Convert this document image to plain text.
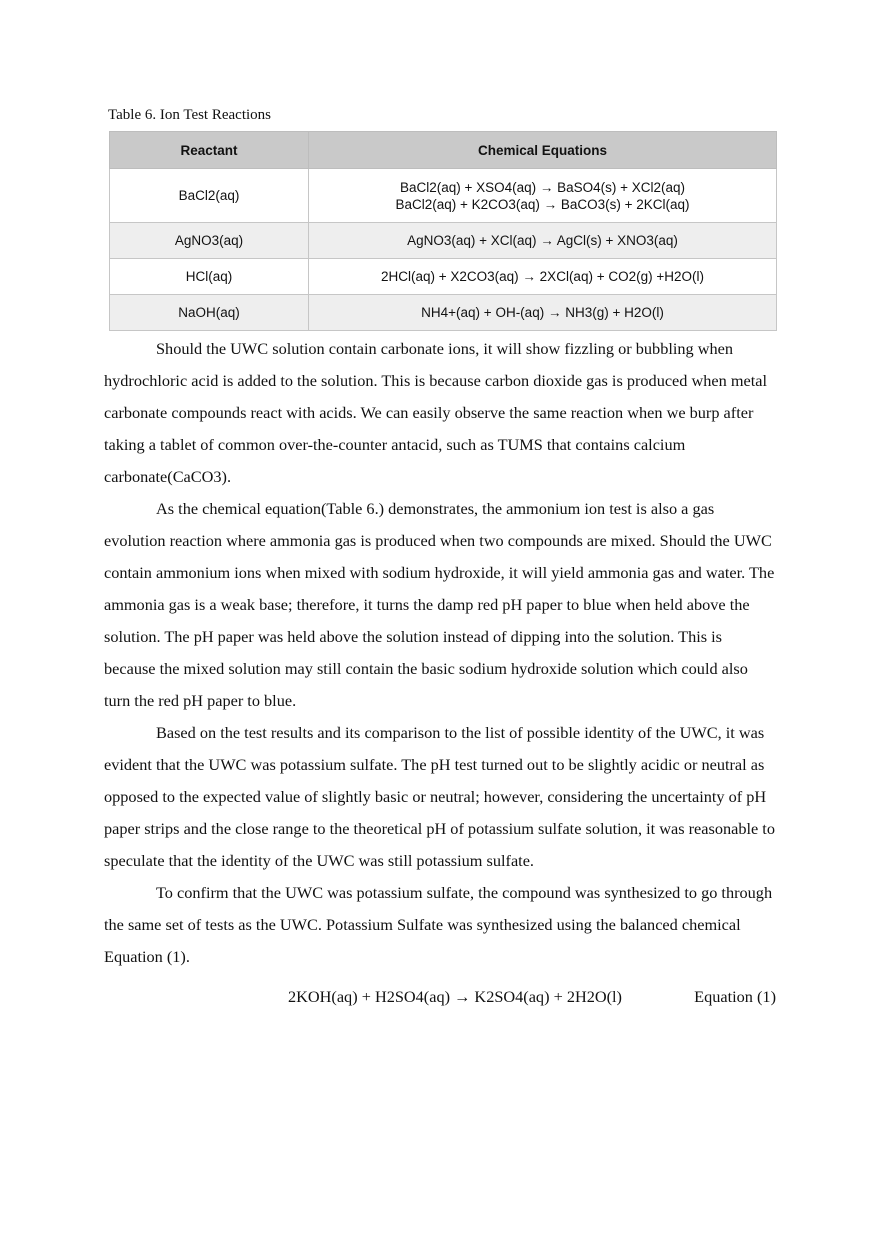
Table 6. Ion Test Reactions
Reactant	Chemical Equations
BaCl2(aq)	BaCl2(aq) + XSO4(aq) → BaSO4(s) + XCl2(aq)
BaCl2(aq) + K2CO3(aq) → BaCO3(s) + 2KCl(aq)

AgNO3(aq)	AgNO3(aq) + XCl(aq) → AgCl(s) + XNO3(aq)
HCl(aq)	2HCl(aq) + X2CO3(aq) → 2XCl(aq) + CO2(g) +H2O(l)
NaOH(aq)	NH4+(aq) + OH-(aq) → NH3(g) + H2O(l)

Should the UWC solution contain carbonate ions, it will show fizzling or bubbling when hydrochloric acid is added to the solution. This is because carbon dioxide gas is produced when metal carbonate compounds react with acids. We can easily observe the same reaction when we burp after taking a tablet of common over-the-counter antacid, such as TUMS that contains calcium carbonate(CaCO3).

As the chemical equation(Table 6.) demonstrates, the ammonium ion test is also a gas evolution reaction where ammonia gas is produced when two compounds are mixed. Should the UWC contain ammonium ions when mixed with sodium hydroxide, it will yield ammonia gas and water. The ammonia gas is a weak base; therefore, it turns the damp red pH paper to blue when held above the solution. The pH paper was held above the solution instead of dipping into the solution. This is because the mixed solution may still contain the basic sodium hydroxide solution which could also turn the red pH paper to blue.

Based on the test results and its comparison to the list of possible identity of the UWC, it was evident that the UWC was potassium sulfate. The pH test turned out to be slightly acidic or neutral as opposed to the expected value of slightly basic or neutral; however, considering the uncertainty of pH paper strips and the close range to the theoretical pH of potassium sulfate solution, it was reasonable to speculate that the identity of the UWC was still potassium sulfate.

To confirm that the UWC was potassium sulfate, the compound was synthesized to go through the same set of tests as the UWC. Potassium Sulfate was synthesized using the balanced chemical Equation (1).

2KOH(aq) + H2SO4(aq) → K2SO4(aq) + 2H2O(l)	Equation (1)
